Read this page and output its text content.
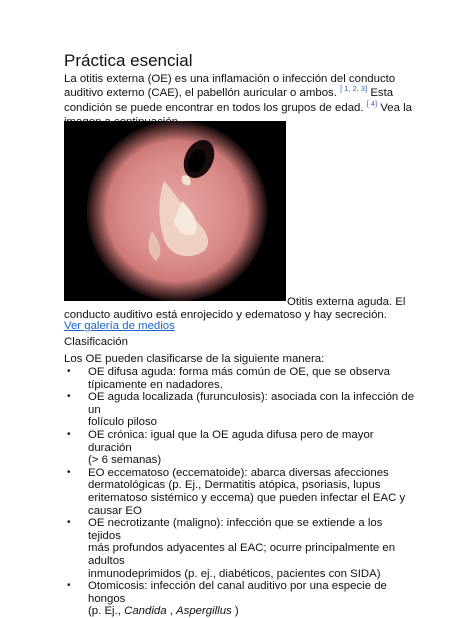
Práctica esencial
La otitis externa (OE) es una inflamación o infección del conducto
auditivo externo (CAE), el pabellón auricular o ambos. [ 1, 2, 3] Esta
condición se puede encontrar en todos los grupos de edad. [ 4] Vea la
Otitis externa aguda. El
conducto auditivo está enrojecido y edematoso y hay secreción.
Ver galería de medios
Clasificación
Los OE pueden clasificarse de la siguiente manera:
• OE difusa aguda: forma más común de OE, que se observa
típicamente en nadadores.
• OE aguda localizada (furunculosis): asociada con la infección de un
folículo piloso
• OE crónica: igual que la OE aguda difusa pero de mayor duración
(> 6 semanas)
• EO eccematoso (eccematoide): abarca diversas afecciones
dermatológicas (p. Ej., Dermatitis atópica, psoriasis, lupus
eritematoso sistémico y eccema) que pueden infectar el EAC y
causar EO
• OE necrotizante (maligno): infección que se extiende a los tejidos
más profundos adyacentes al EAC; ocurre principalmente en adultos
inmunodeprimidos (p. ej., diabéticos, pacientes con SIDA)
• Otomicosis: infección del canal auditivo por una especie de hongos
(p. Ej., Candida , Aspergillus )
